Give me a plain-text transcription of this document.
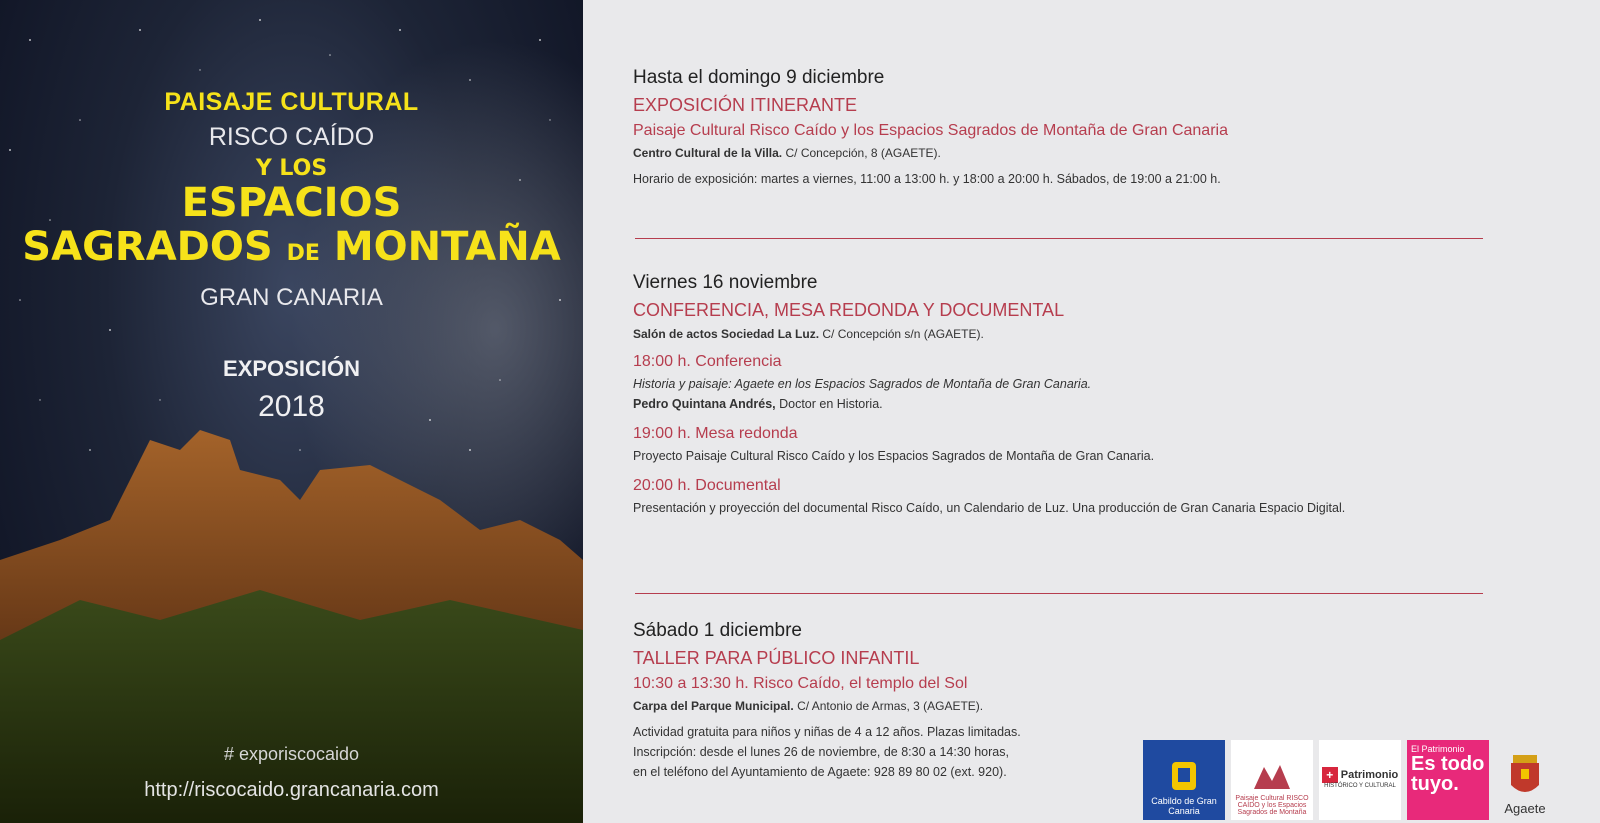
PAISAJE CULTURAL
RISCO CAÍDO
Y LOS
ESPACIOS
SAGRADOS DE MONTAÑA
GRAN CANARIA
EXPOSICIÓN
2018
# exporiscocaido
http://riscocaido.grancanaria.com
Hasta el domingo 9 diciembre
EXPOSICIÓN ITINERANTE
Paisaje Cultural Risco Caído y los Espacios Sagrados de Montaña de Gran Canaria
Centro Cultural de la Villa. C/ Concepción, 8 (AGAETE).
Horario de exposición: martes a viernes, 11:00 a 13:00 h. y 18:00 a 20:00 h. Sábados, de 19:00 a 21:00 h.
Viernes 16 noviembre
CONFERENCIA, MESA REDONDA Y DOCUMENTAL
Salón de actos Sociedad La Luz. C/ Concepción s/n (AGAETE).
18:00 h. Conferencia
Historia y paisaje: Agaete en los Espacios Sagrados de Montaña de Gran Canaria.
Pedro Quintana Andrés, Doctor en Historia.
19:00 h. Mesa redonda
Proyecto Paisaje Cultural Risco Caído y los Espacios Sagrados de Montaña de Gran Canaria.
20:00 h. Documental
Presentación y proyección del documental Risco Caído, un Calendario de Luz. Una producción de Gran Canaria Espacio Digital.
Sábado 1 diciembre
TALLER PARA PÚBLICO INFANTIL
10:30 a 13:30 h. Risco Caído, el templo del Sol
Carpa del Parque Municipal. C/ Antonio de Armas, 3 (AGAETE).
Actividad gratuita para niños y niñas de 4 a 12 años. Plazas limitadas.
Inscripción: desde el lunes 26 de noviembre, de 8:30 a 14:30 horas,
en el teléfono del Ayuntamiento de Agaete: 928 89 80 02 (ext. 920).
Cabildo de Gran Canaria
Paisaje Cultural RISCO CAÍDO y los Espacios Sagrados de Montaña
+ Patrimonio
HISTÓRICO Y CULTURAL
El Patrimonio
Es todo tuyo.
Agaete
